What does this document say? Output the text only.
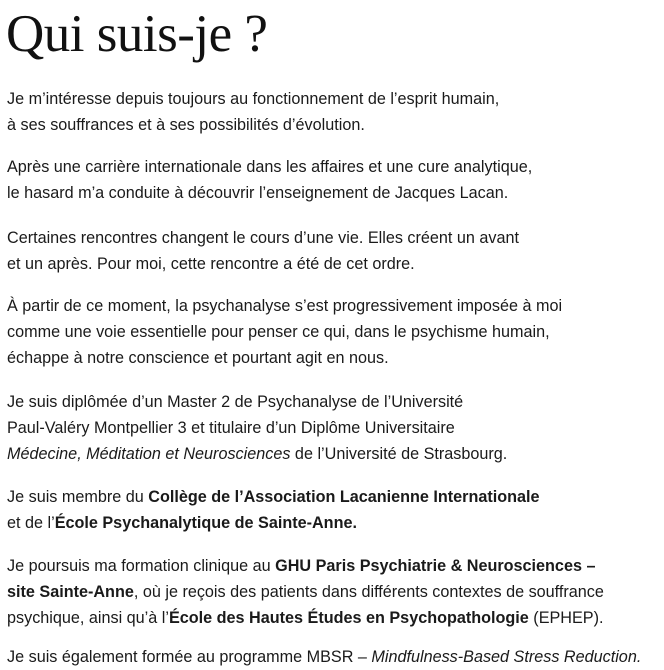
Qui suis-je ?

Je m’intéresse depuis toujours au fonctionnement de l’esprit humain,
à ses souffrances et à ses possibilités d’évolution.

Après une carrière internationale dans les affaires et une cure analytique,
le hasard m’a conduite à découvrir l’enseignement de Jacques Lacan.

Certaines rencontres changent le cours d’une vie. Elles créent un avant
et un après. Pour moi, cette rencontre a été de cet ordre.

À partir de ce moment, la psychanalyse s’est progressivement imposée à moi
comme une voie essentielle pour penser ce qui, dans le psychisme humain,
échappe à notre conscience et pourtant agit en nous.

Je suis diplômée d’un Master 2 de Psychanalyse de l’Université
Paul-Valéry Montpellier 3 et titulaire d’un Diplôme Universitaire
Médecine, Méditation et Neurosciences de l’Université de Strasbourg.

Je suis membre du Collège de l’Association Lacanienne Internationale
et de l’École Psychanalytique de Sainte-Anne.

Je poursuis ma formation clinique au GHU Paris Psychiatrie & Neurosciences –
site Sainte-Anne, où je reçois des patients dans différents contextes de souffrance
psychique, ainsi qu’à l’École des Hautes Études en Psychopathologie (EPHEP).

Je suis également formée au programme MBSR – Mindfulness-Based Stress Reduction.
